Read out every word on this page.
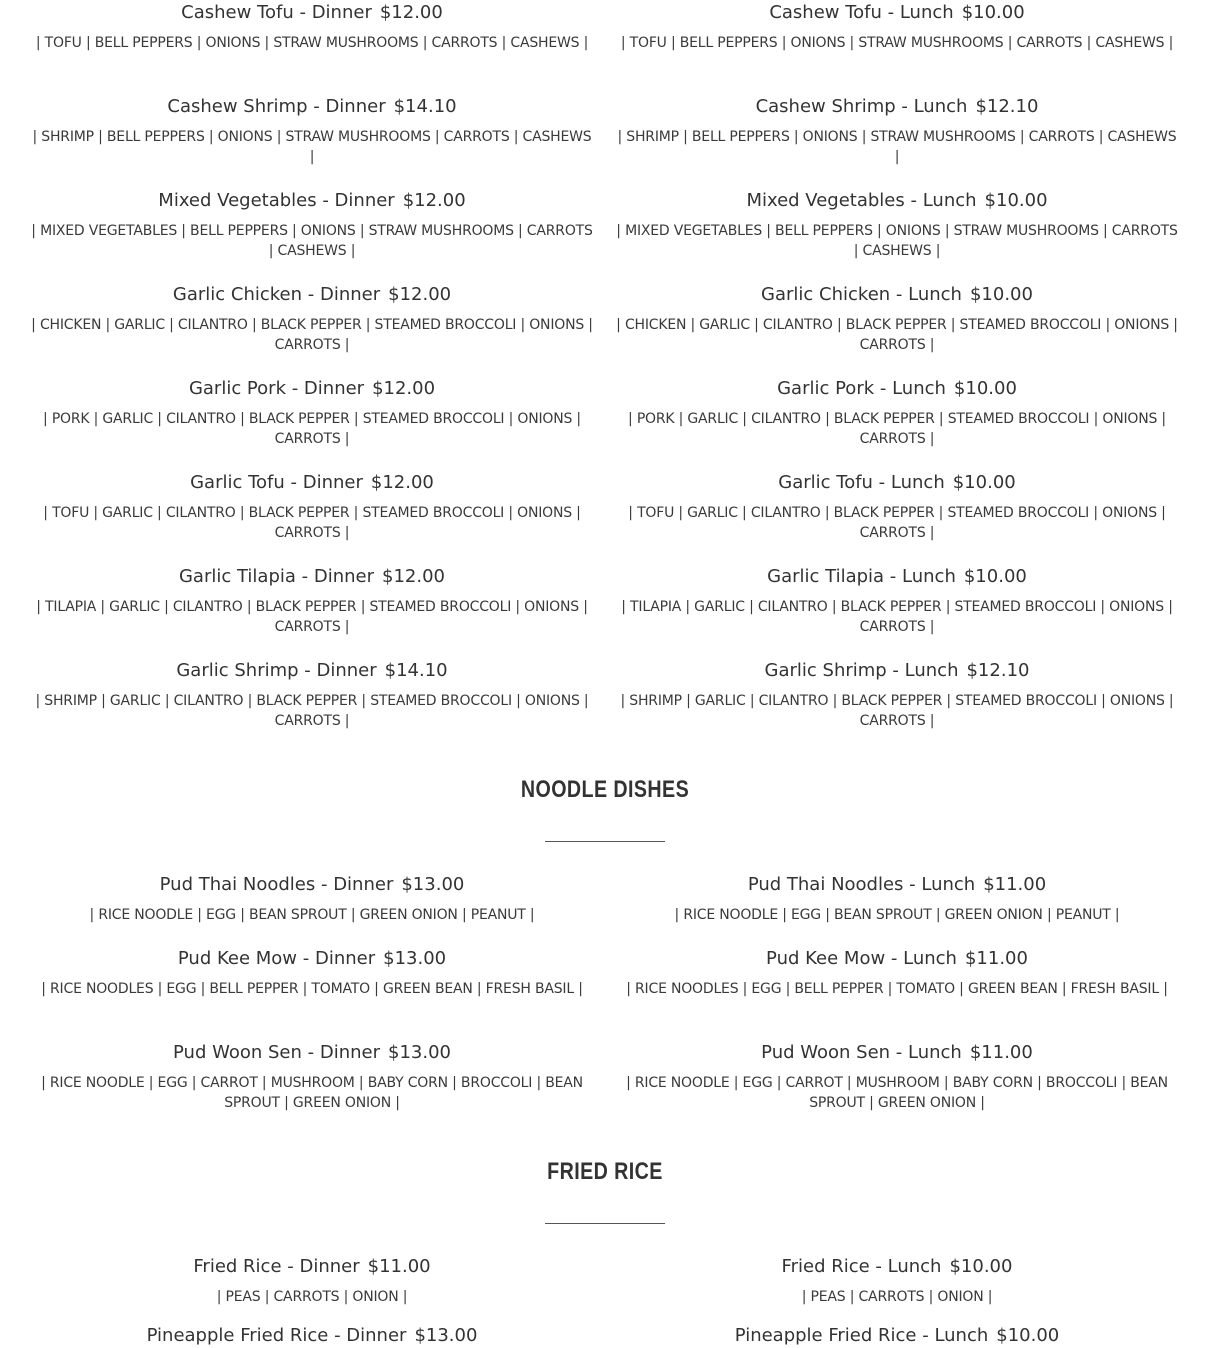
Cashew Tofu - Dinner $12.00
| TOFU | BELL PEPPERS | ONIONS | STRAW MUSHROOMS | CARROTS | CASHEWS |
Cashew Tofu - Lunch $10.00
| TOFU | BELL PEPPERS | ONIONS | STRAW MUSHROOMS | CARROTS | CASHEWS |
Cashew Shrimp - Dinner $14.10
| SHRIMP | BELL PEPPERS | ONIONS | STRAW MUSHROOMS | CARROTS | CASHEWS |
Cashew Shrimp - Lunch $12.10
| SHRIMP | BELL PEPPERS | ONIONS | STRAW MUSHROOMS | CARROTS | CASHEWS |
Mixed Vegetables - Dinner $12.00
| MIXED VEGETABLES | BELL PEPPERS | ONIONS | STRAW MUSHROOMS | CARROTS | CASHEWS |
Mixed Vegetables - Lunch $10.00
| MIXED VEGETABLES | BELL PEPPERS | ONIONS | STRAW MUSHROOMS | CARROTS | CASHEWS |
Garlic Chicken - Dinner $12.00
| CHICKEN | GARLIC | CILANTRO | BLACK PEPPER | STEAMED BROCCOLI | ONIONS | CARROTS |
Garlic Chicken - Lunch $10.00
| CHICKEN | GARLIC | CILANTRO | BLACK PEPPER | STEAMED BROCCOLI | ONIONS | CARROTS |
Garlic Pork - Dinner $12.00
| PORK | GARLIC | CILANTRO | BLACK PEPPER | STEAMED BROCCOLI | ONIONS | CARROTS |
Garlic Pork - Lunch $10.00
| PORK | GARLIC | CILANTRO | BLACK PEPPER | STEAMED BROCCOLI | ONIONS | CARROTS |
Garlic Tofu - Dinner $12.00
| TOFU | GARLIC | CILANTRO | BLACK PEPPER | STEAMED BROCCOLI | ONIONS | CARROTS |
Garlic Tofu - Lunch $10.00
| TOFU | GARLIC | CILANTRO | BLACK PEPPER | STEAMED BROCCOLI | ONIONS | CARROTS |
Garlic Tilapia - Dinner $12.00
| TILAPIA | GARLIC | CILANTRO | BLACK PEPPER | STEAMED BROCCOLI | ONIONS | CARROTS |
Garlic Tilapia - Lunch $10.00
| TILAPIA | GARLIC | CILANTRO | BLACK PEPPER | STEAMED BROCCOLI | ONIONS | CARROTS |
Garlic Shrimp - Dinner $14.10
| SHRIMP | GARLIC | CILANTRO | BLACK PEPPER | STEAMED BROCCOLI | ONIONS | CARROTS |
Garlic Shrimp - Lunch $12.10
| SHRIMP | GARLIC | CILANTRO | BLACK PEPPER | STEAMED BROCCOLI | ONIONS | CARROTS |
NOODLE DISHES
Pud Thai Noodles - Dinner $13.00
| RICE NOODLE | EGG | BEAN SPROUT | GREEN ONION | PEANUT |
Pud Thai Noodles - Lunch $11.00
| RICE NOODLE | EGG | BEAN SPROUT | GREEN ONION | PEANUT |
Pud Kee Mow - Dinner $13.00
| RICE NOODLES | EGG | BELL PEPPER | TOMATO | GREEN BEAN | FRESH BASIL |
Pud Kee Mow - Lunch $11.00
| RICE NOODLES | EGG | BELL PEPPER | TOMATO | GREEN BEAN | FRESH BASIL |
Pud Woon Sen - Dinner $13.00
| RICE NOODLE | EGG | CARROT | MUSHROOM | BABY CORN | BROCCOLI | BEAN SPROUT | GREEN ONION |
Pud Woon Sen - Lunch $11.00
| RICE NOODLE | EGG | CARROT | MUSHROOM | BABY CORN | BROCCOLI | BEAN SPROUT | GREEN ONION |
FRIED RICE
Fried Rice - Dinner $11.00
| PEAS | CARROTS | ONION |
Fried Rice - Lunch $10.00
| PEAS | CARROTS | ONION |
Pineapple Fried Rice - Dinner $13.00	Pineapple Fried Rice - Lunch $10.00
